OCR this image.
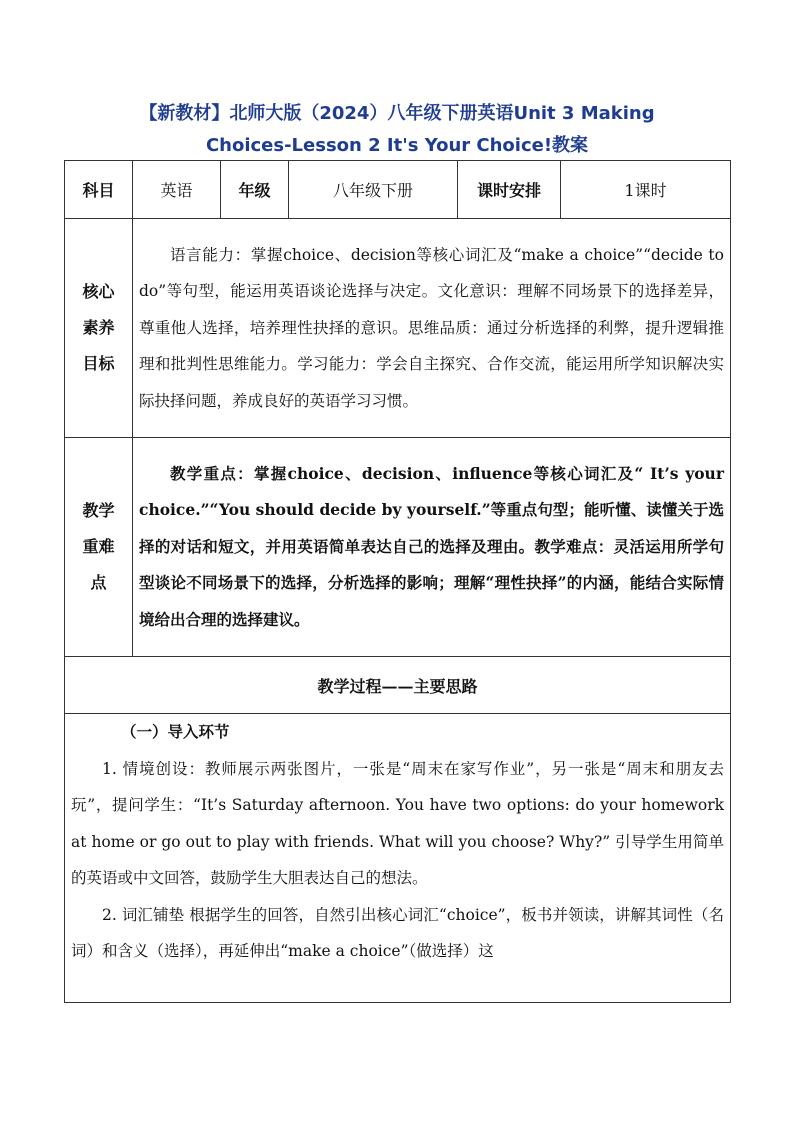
【新教材】北师大版（2024）八年级下册英语Unit 3 Making
Choices-Lesson 2 It's Your Choice!教案
科目	英语	年级	八年级下册	课时安排	1课时

核心
素养
目标	语言能力：掌握choice、decision等核心词汇及“make a choice”“decide to do”等句型，能运用英语谈论选择与决定。文化意识：理解不同场景下的选择差异，尊重他人选择，培养理性抉择的意识。思维品质：通过分析选择的利弊，提升逻辑推理和批判性思维能力。学习能力：学会自主探究、合作交流，能运用所学知识解决实际抉择问题，养成良好的英语学习习惯。				

教学
重难
点	教学重点：掌握choice、decision、influence等核心词汇及“ It’s your choice.”“You should decide by yourself.”等重点句型；能听懂、读懂关于选择的对话和短文，并用英语简单表达自己的选择及理由。教学难点：灵活运用所学句型谈论不同场景下的选择，分析选择的影响；理解“理性抉择”的内涵，能结合实际情境给出合理的选择建议。				

教学过程——主要思路					

（一）导入环节

1. 情境创设：教师展示两张图片，一张是“周末在家写作业”，另一张是“周末和朋友去玩”，提问学生：“It’s Saturday afternoon. You have two options: do your homework at home or go out to play with friends. What will you choose? Why?” 引导学生用简单的英语或中文回答，鼓励学生大胆表达自己的想法。

2. 词汇铺垫 根据学生的回答，自然引出核心词汇“choice”，板书并领读，讲解其词性（名词）和含义（选择），再延伸出“make a choice”（做选择）这					
